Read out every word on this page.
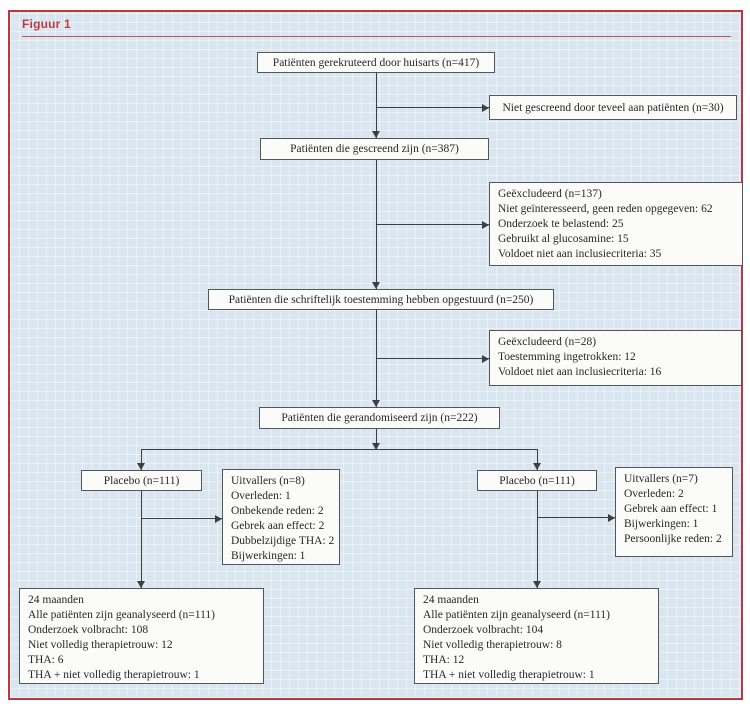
Figuur 1
Patiënten gerekruteerd door huisarts (n=417)
Niet gescreend door teveel aan patiënten (n=30)
Patiënten die gescreend zijn (n=387)
Geëxcludeerd (n=137)
Niet geïnteresseerd, geen reden opgegeven: 62
Onderzoek te belastend: 25
Gebruikt al glucosamine: 15
Voldoet niet aan inclusiecriteria: 35
Patiënten die schriftelijk toestemming hebben opgestuurd (n=250)
Geëxcludeerd (n=28)
Toestemming ingetrokken: 12
Voldoet niet aan inclusiecriteria: 16
Patiënten die gerandomiseerd zijn (n=222)
Placebo (n=111)	Uitvallers (n=8)
Overleden: 1
Onbekende reden: 2
Gebrek aan effect: 2
Dubbelzijdige THA: 2
Bijwerkingen: 1
Placebo (n=111)	Uitvallers (n=7)
Overleden: 2
Gebrek aan effect: 1
Bijwerkingen: 1
Persoonlijke reden: 2
24 maanden
Alle patiënten zijn geanalyseerd (n=111)
Onderzoek volbracht: 108
Niet volledig therapietrouw: 12
THA: 6
THA + niet volledig therapietrouw: 1
24 maanden
Alle patiënten zijn geanalyseerd (n=111)
Onderzoek volbracht: 104
Niet volledig therapietrouw: 8
THA: 12
THA + niet volledig therapietrouw: 1
